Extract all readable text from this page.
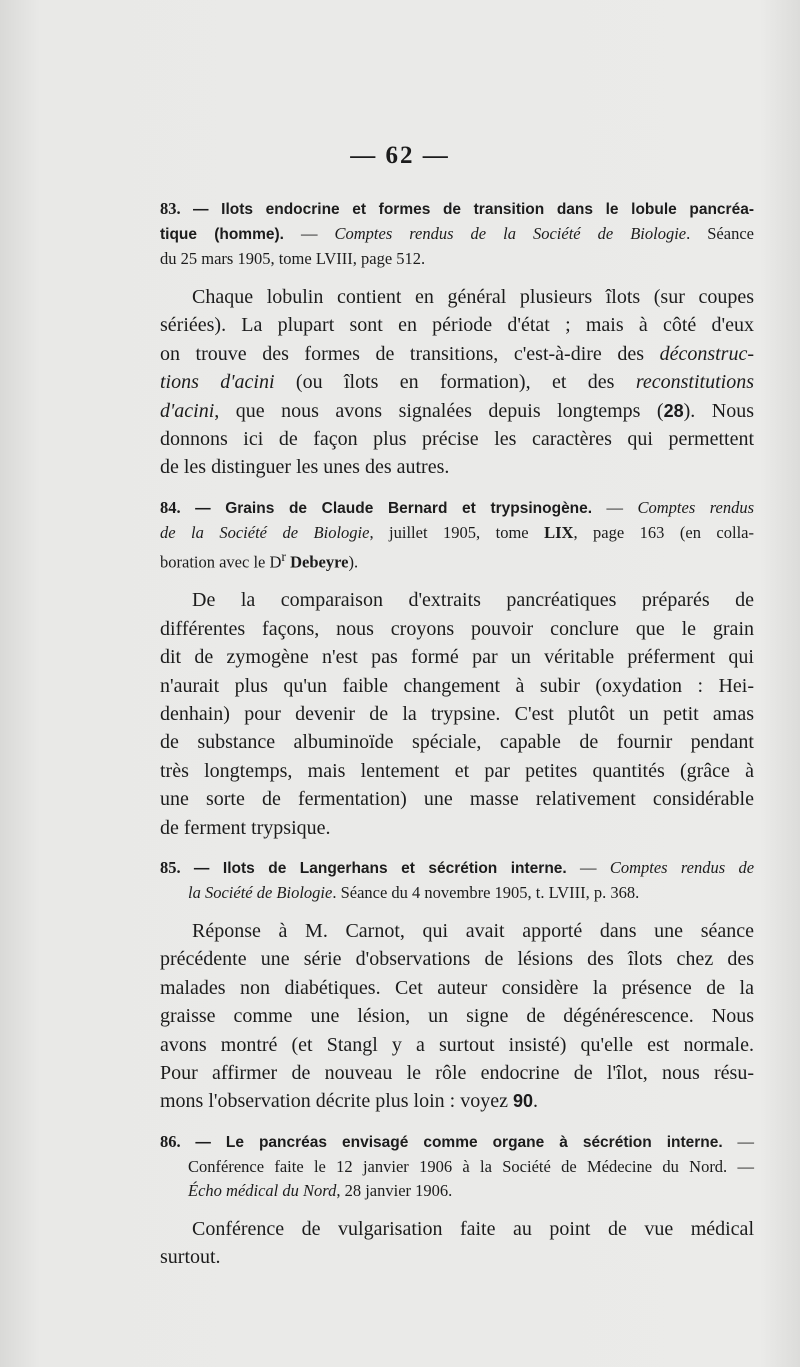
— 62 —
83. — Ilots endocrine et formes de transition dans le lobule pancréa-
tique (homme). — Comptes rendus de la Société de Biologie. Séance
du 25 mars 1905, tome LVIII, page 512.
Chaque lobulin contient en général plusieurs îlots (sur coupes
sériées). La plupart sont en période d'état ; mais à côté d'eux
on trouve des formes de transitions, c'est-à-dire des déconstruc-
tions d'acini (ou îlots en formation), et des reconstitutions
d'acini, que nous avons signalées depuis longtemps (28). Nous
donnons ici de façon plus précise les caractères qui permettent
de les distinguer les unes des autres.
84. — Grains de Claude Bernard et trypsinogène. — Comptes rendus
de la Société de Biologie, juillet 1905, tome LIX, page 163 (en colla-
boration avec le $D^r$ Debeyre).
De la comparaison d'extraits pancréatiques préparés de
différentes façons, nous croyons pouvoir conclure que le grain
dit de zymogène n'est pas formé par un véritable préferment qui
n'aurait plus qu'un faible changement à subir (oxydation : Hei-
denhain) pour devenir de la trypsine. C'est plutôt un petit amas
de substance albuminoïde spéciale, capable de fournir pendant
très longtemps, mais lentement et par petites quantités (grâce à
une sorte de fermentation) une masse relativement considérable
de ferment trypsique.
85. — Ilots de Langerhans et sécrétion interne. — Comptes rendus de
la Société de Biologie. Séance du 4 novembre 1905, t. LVIII, p. 368.
Réponse à M. Carnot, qui avait apporté dans une séance
précédente une série d'observations de lésions des îlots chez des
malades non diabétiques. Cet auteur considère la présence de la
graisse comme une lésion, un signe de dégénérescence. Nous
avons montré (et Stangl y a surtout insisté) qu'elle est normale.
Pour affirmer de nouveau le rôle endocrine de l'îlot, nous résu-
mons l'observation décrite plus loin : voyez 90.
86. — Le pancréas envisagé comme organe à sécrétion interne. —
Conférence faite le 12 janvier 1906 à la Société de Médecine du Nord. —
Écho médical du Nord, 28 janvier 1906.
Conférence de vulgarisation faite au point de vue médical
surtout.
